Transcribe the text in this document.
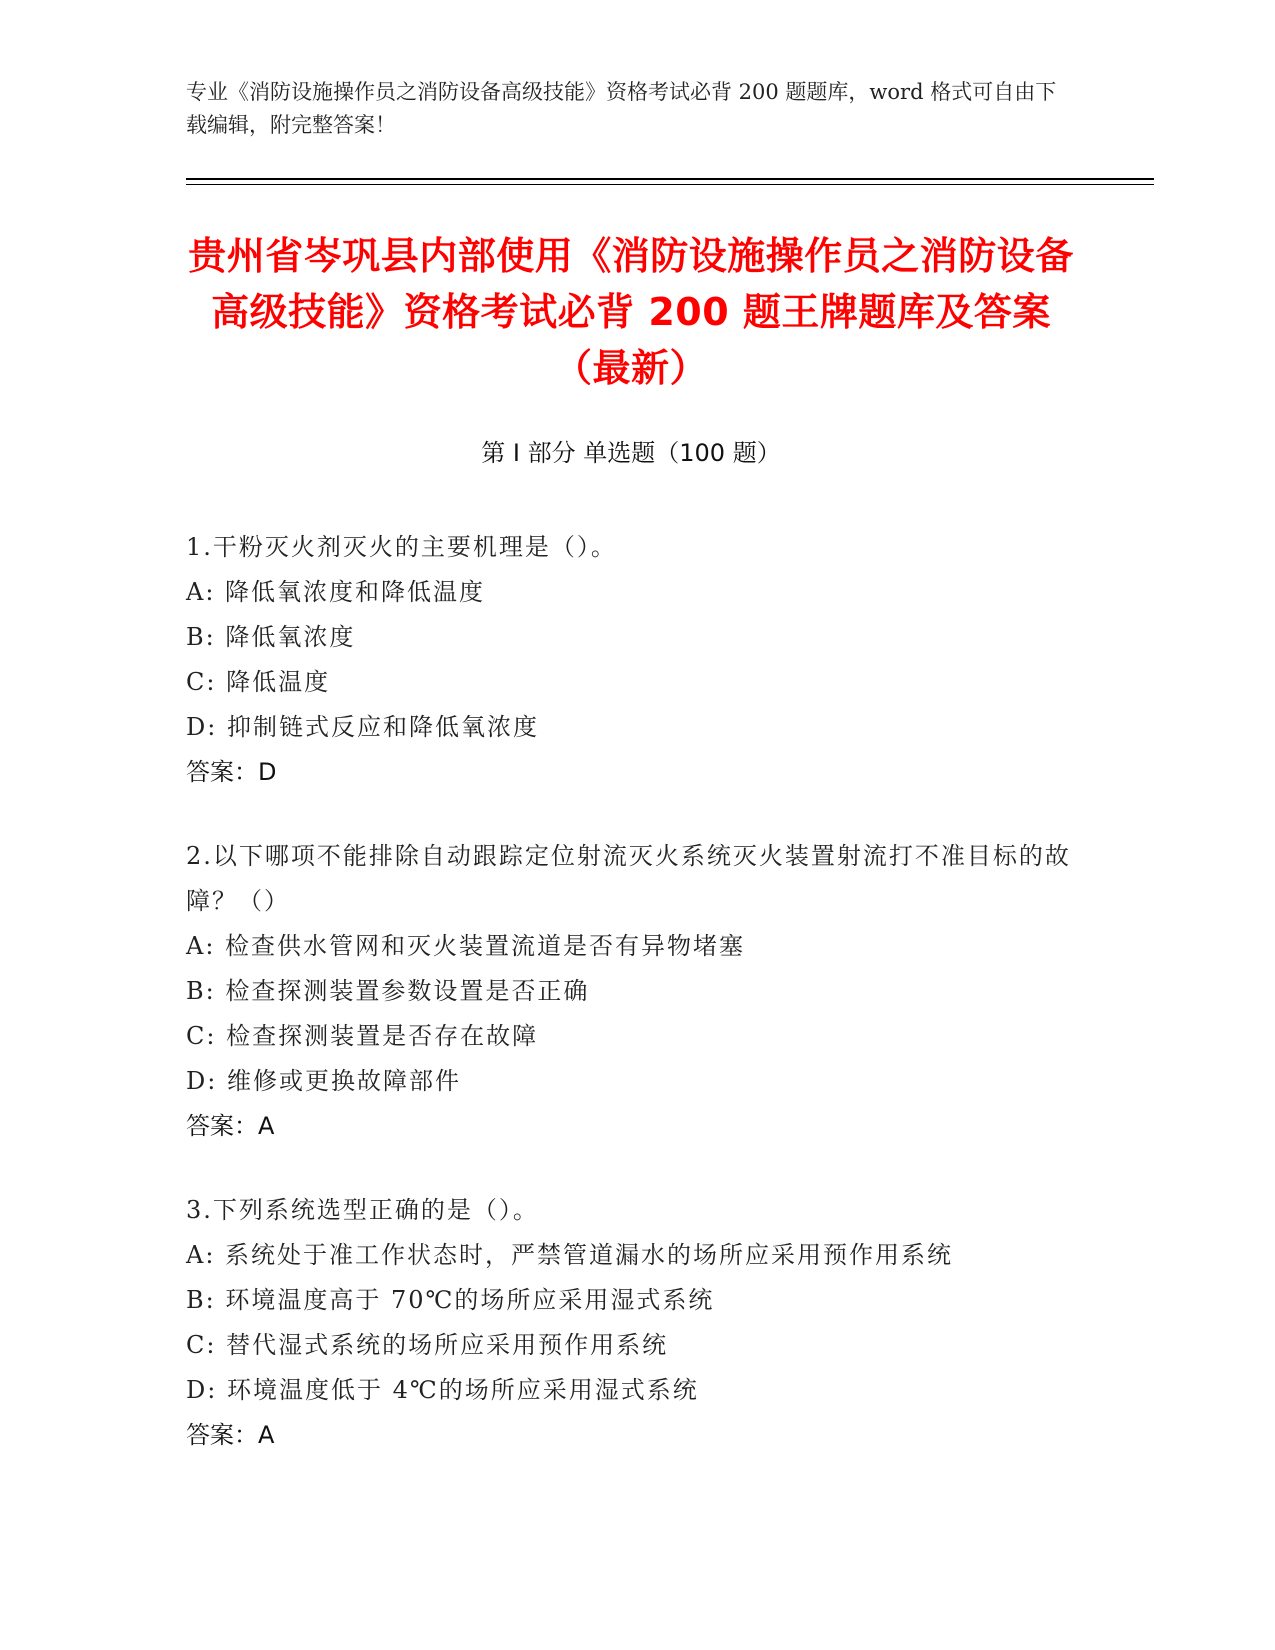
专业《消防设施操作员之消防设备高级技能》资格考试必背 200 题题库，word 格式可自由下载编辑，附完整答案！
贵州省岑巩县内部使用《消防设施操作员之消防设备高级技能》资格考试必背 200 题王牌题库及答案（最新）
第 I 部分 单选题（100 题）
1.干粉灭火剂灭火的主要机理是（）。
A: 降低氧浓度和降低温度
B: 降低氧浓度
C: 降低温度
D: 抑制链式反应和降低氧浓度
答案：D
2.以下哪项不能排除自动跟踪定位射流灭火系统灭火装置射流打不准目标的故障？（）
A: 检查供水管网和灭火装置流道是否有异物堵塞
B: 检查探测装置参数设置是否正确
C: 检查探测装置是否存在故障
D: 维修或更换故障部件
答案：A
3.下列系统选型正确的是（）。
A: 系统处于准工作状态时，严禁管道漏水的场所应采用预作用系统
B: 环境温度高于 70℃的场所应采用湿式系统
C: 替代湿式系统的场所应采用预作用系统
D: 环境温度低于 4℃的场所应采用湿式系统
答案：A
